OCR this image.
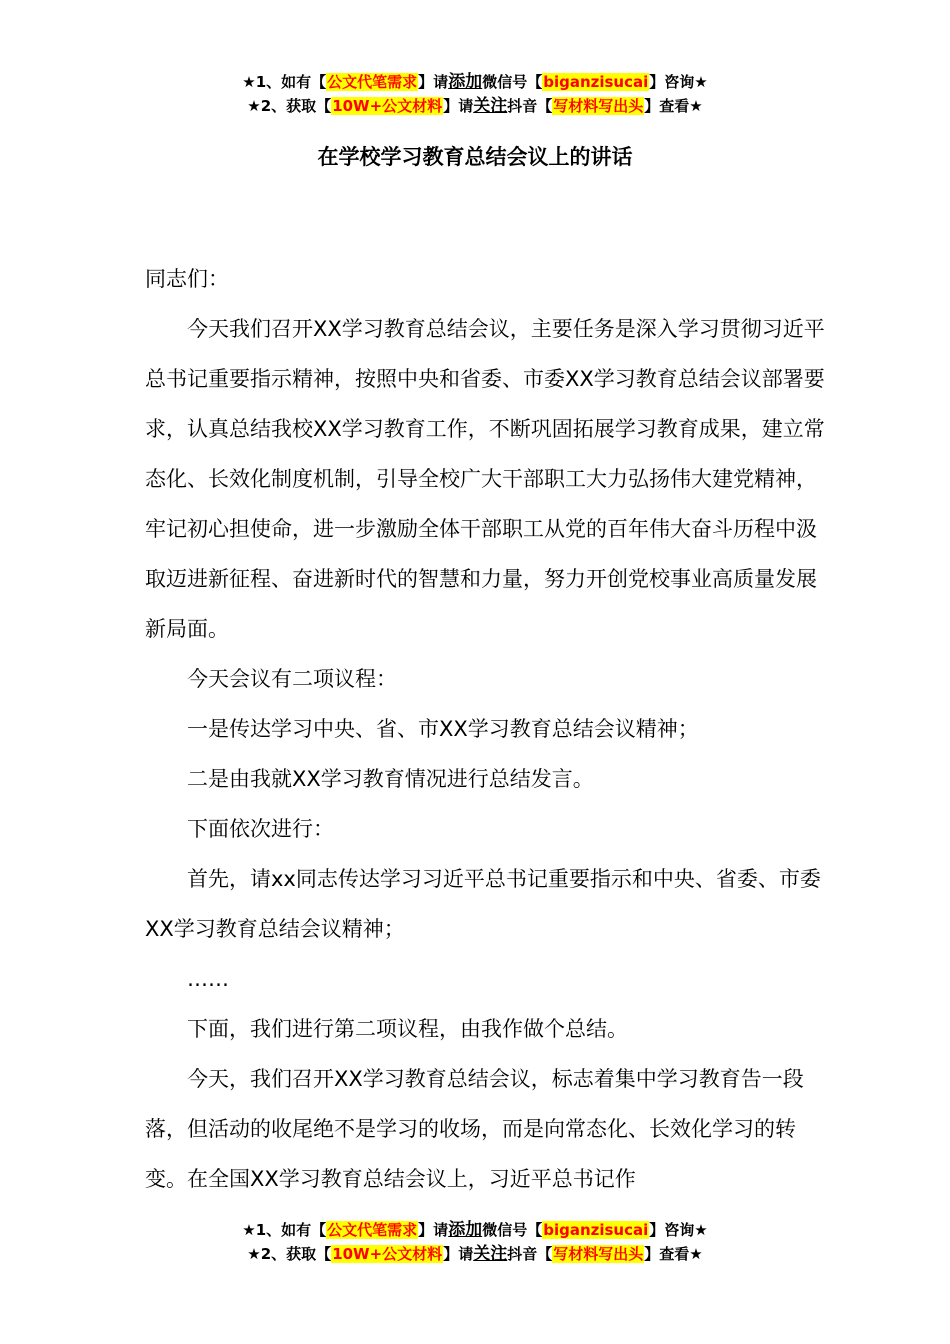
★1、如有【公文代笔需求】请添加微信号【biganzisucai】咨询★
★2、获取【10W+公文材料】请关注抖音【写材料写出头】查看★
在学校学习教育总结会议上的讲话

同志们：

今天我们召开XX学习教育总结会议，主要任务是深入学习贯彻习近平总书记重要指示精神，按照中央和省委、市委XX学习教育总结会议部署要求，认真总结我校XX学习教育工作，不断巩固拓展学习教育成果，建立常态化、长效化制度机制，引导全校广大干部职工大力弘扬伟大建党精神，牢记初心担使命，进一步激励全体干部职工从党的百年伟大奋斗历程中汲取迈进新征程、奋进新时代的智慧和力量，努力开创党校事业高质量发展新局面。

今天会议有二项议程：

一是传达学习中央、省、市XX学习教育总结会议精神；

二是由我就XX学习教育情况进行总结发言。

下面依次进行：

首先，请xx同志传达学习习近平总书记重要指示和中央、省委、市委XX学习教育总结会议精神；

……

下面，我们进行第二项议程，由我作做个总结。

今天，我们召开XX学习教育总结会议，标志着集中学习教育告一段落，但活动的收尾绝不是学习的收场，而是向常态化、长效化学习的转变。在全国XX学习教育总结会议上，习近平总书记作

★1、如有【公文代笔需求】请添加微信号【biganzisucai】咨询★
★2、获取【10W+公文材料】请关注抖音【写材料写出头】查看★
